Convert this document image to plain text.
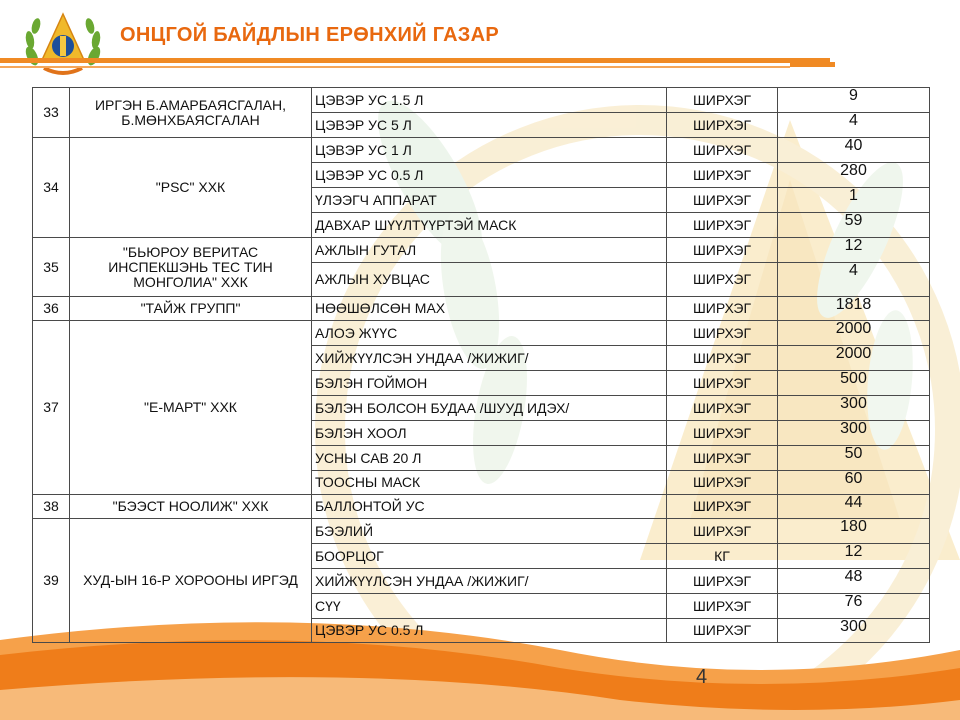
ОНЦГОЙ БАЙДЛЫН ЕРӨНХИЙ ГАЗАР
33	ИРГЭН Б.АМАРБАЯСГАЛАН, Б.МӨНХБАЯСГАЛАН	ЦЭВЭР УС 1.5 Л	ШИРХЭГ	9
		ЦЭВЭР УС 5 Л	ШИРХЭГ	4
34	"PSC" ХХК	ЦЭВЭР УС 1 Л	ШИРХЭГ	40
		ЦЭВЭР УС 0.5 Л	ШИРХЭГ	280
		ҮЛЭЭГЧ АППАРАТ	ШИРХЭГ	1
		ДАВХАР ШҮҮЛТҮҮРТЭЙ МАСК	ШИРХЭГ	59
35	"БЬЮРОУ ВЕРИТАС ИНСПЕКШЭНЬ ТЕС ТИН МОНГОЛИА" ХХК	АЖЛЫН ГУТАЛ	ШИРХЭГ	12
		АЖЛЫН ХУВЦАС	ШИРХЭГ	4
36	"ТАЙЖ ГРУПП"	НӨӨШӨЛСӨН МАХ	ШИРХЭГ	1818
37	"Е-МАРТ" ХХК	АЛОЭ ЖҮҮС	ШИРХЭГ	2000
		ХИЙЖҮҮЛСЭН УНДАА /ЖИЖИГ/	ШИРХЭГ	2000
		БЭЛЭН ГОЙМОН	ШИРХЭГ	500
		БЭЛЭН БОЛСОН БУДАА /ШУУД ИДЭХ/	ШИРХЭГ	300
		БЭЛЭН ХООЛ	ШИРХЭГ	300
		УСНЫ САВ 20 Л	ШИРХЭГ	50
		ТООСНЫ МАСК	ШИРХЭГ	60
38	"БЭЭСТ НООЛИЖ" ХХК	БАЛЛОНТОЙ УС	ШИРХЭГ	44
39	ХУД-ЫН 16-Р ХОРООНЫ ИРГЭД	БЭЭЛИЙ	ШИРХЭГ	180
		БООРЦОГ	КГ	12
		ХИЙЖҮҮЛСЭН УНДАА /ЖИЖИГ/	ШИРХЭГ	48
		СҮҮ	ШИРХЭГ	76
		ЦЭВЭР УС 0.5 Л	ШИРХЭГ	300
4
